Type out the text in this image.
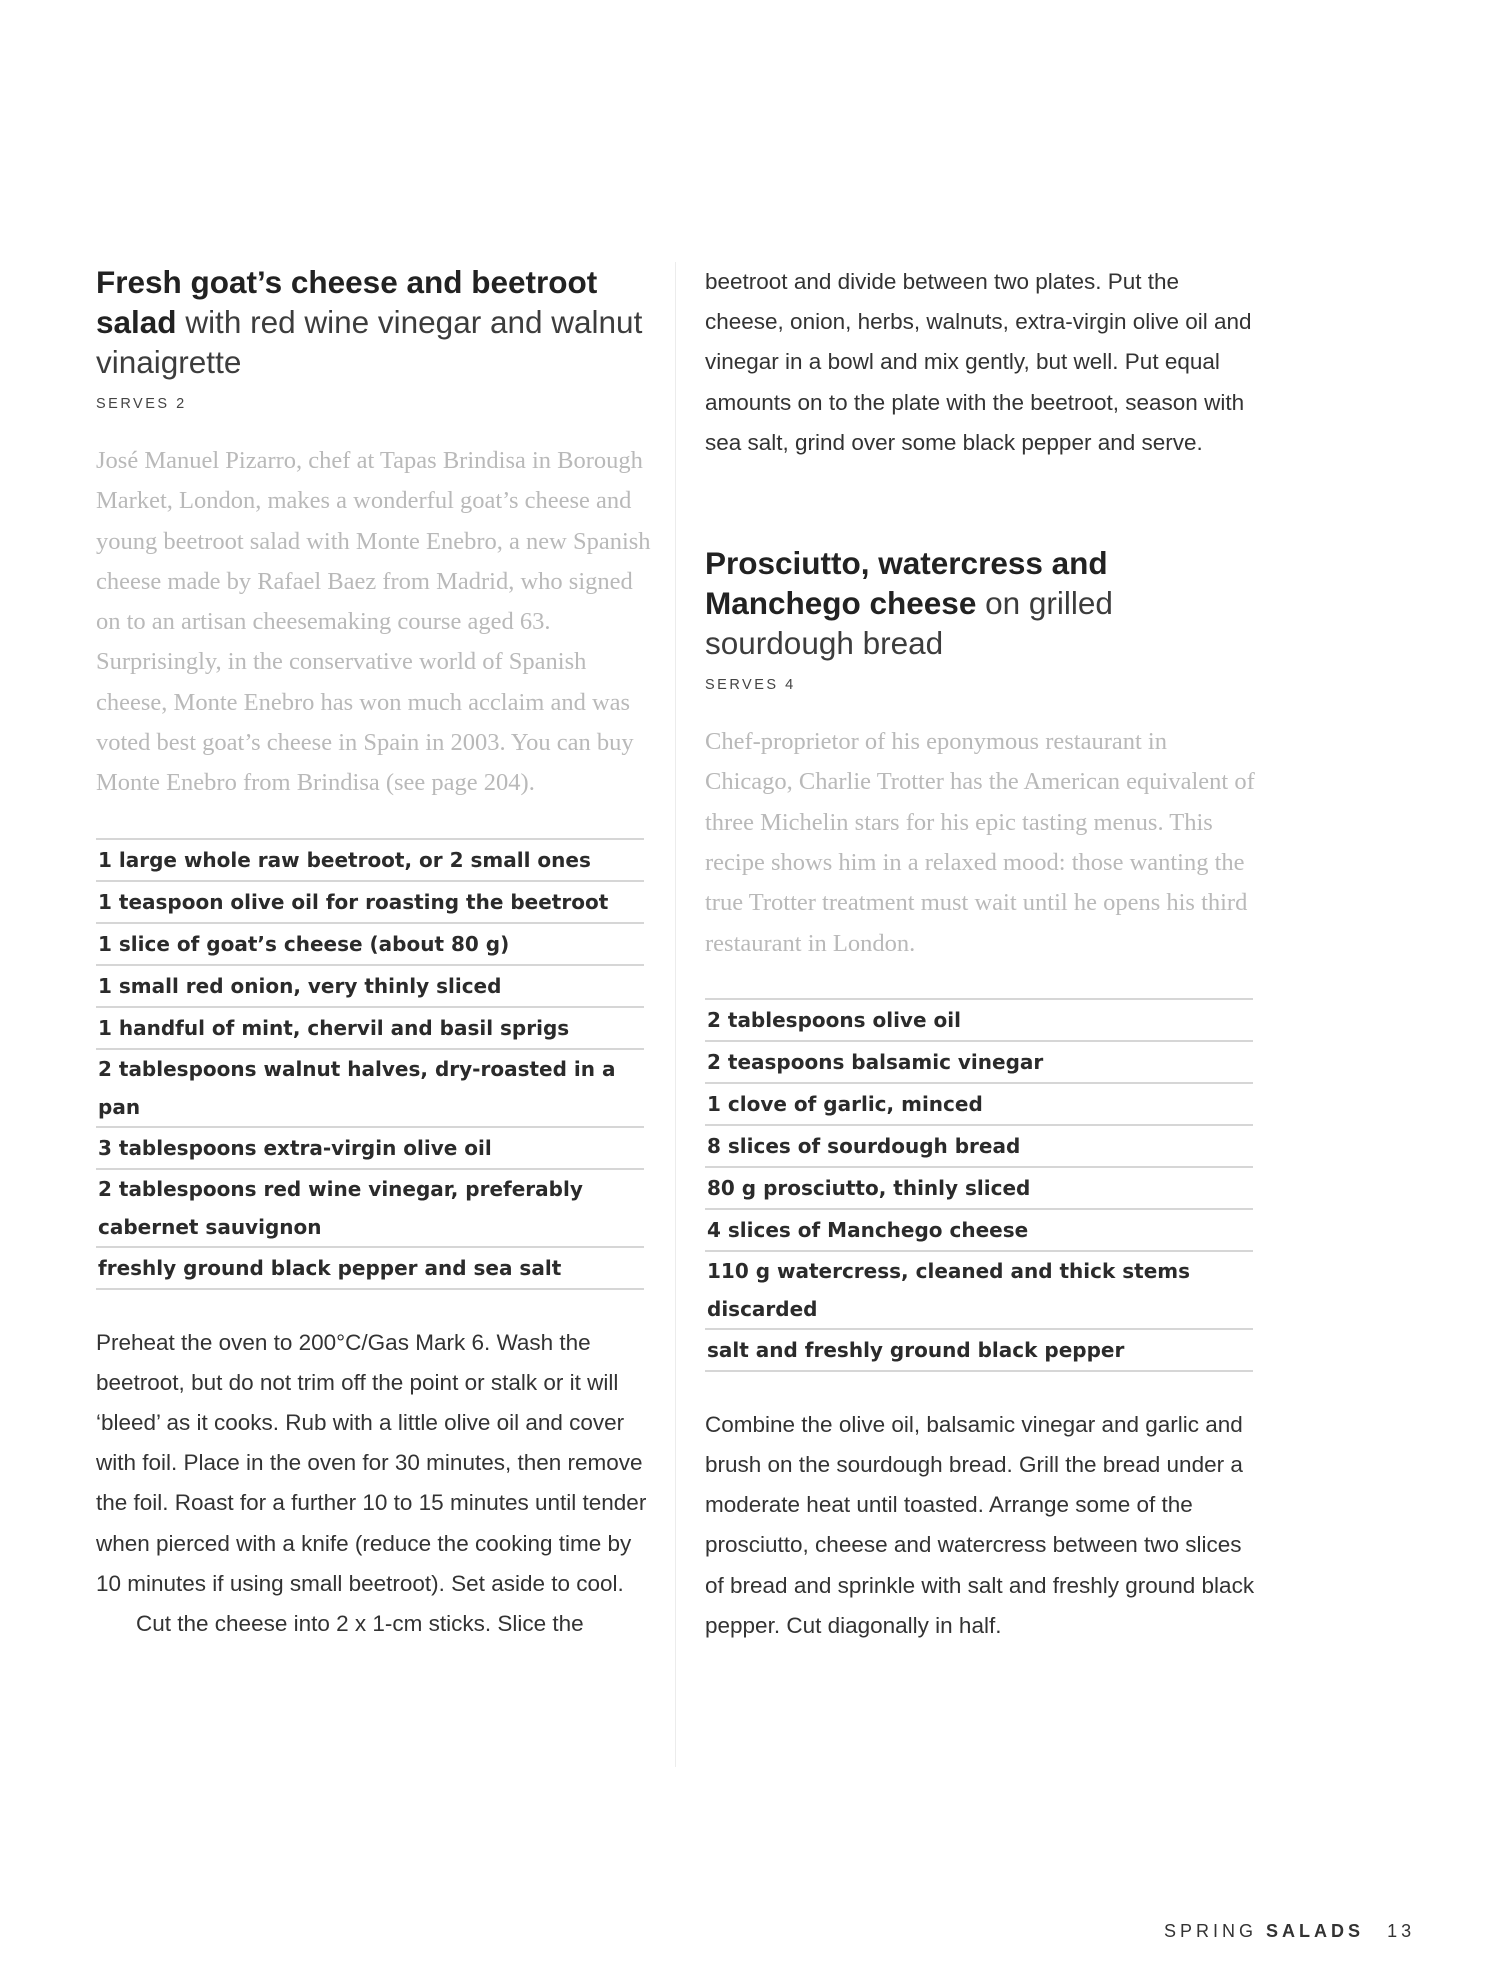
Fresh goat’s cheese and beetroot salad with red wine vinegar and walnut vinaigrette
SERVES 2

José Manuel Pizarro, chef at Tapas Brindisa in Borough Market, London, makes a wonderful goat’s cheese and young beetroot salad with Monte Enebro, a new Spanish cheese made by Rafael Baez from Madrid, who signed on to an artisan cheesemaking course aged 63. Surprisingly, in the conservative world of Spanish cheese, Monte Enebro has won much acclaim and was voted best goat’s cheese in Spain in 2003. You can buy Monte Enebro from Brindisa (see page 204).

1 large whole raw beetroot, or 2 small ones
1 teaspoon olive oil for roasting the beetroot
1 slice of goat’s cheese (about 80 g)
1 small red onion, very thinly sliced
1 handful of mint, chervil and basil sprigs
2 tablespoons walnut halves, dry-roasted in a pan
3 tablespoons extra-virgin olive oil
2 tablespoons red wine vinegar, preferably cabernet sauvignon
freshly ground black pepper and sea salt

Preheat the oven to 200°C/Gas Mark 6. Wash the beetroot, but do not trim off the point or stalk or it will ‘bleed’ as it cooks. Rub with a little olive oil and cover with foil. Place in the oven for 30 minutes, then remove the foil. Roast for a further 10 to 15 minutes until tender when pierced with a knife (reduce the cooking time by 10 minutes if using small beetroot). Set aside to cool.

Cut the cheese into 2 x 1-cm sticks. Slice the

beetroot and divide between two plates. Put the cheese, onion, herbs, walnuts, extra-virgin olive oil and vinegar in a bowl and mix gently, but well. Put equal amounts on to the plate with the beetroot, season with sea salt, grind over some black pepper and serve.

Prosciutto, watercress and Manchego cheese on grilled sourdough bread
SERVES 4

Chef-proprietor of his eponymous restaurant in Chicago, Charlie Trotter has the American equivalent of three Michelin stars for his epic tasting menus. This recipe shows him in a relaxed mood: those wanting the true Trotter treatment must wait until he opens his third restaurant in London.

2 tablespoons olive oil
2 teaspoons balsamic vinegar
1 clove of garlic, minced
8 slices of sourdough bread
80 g prosciutto, thinly sliced
4 slices of Manchego cheese
110 g watercress, cleaned and thick stems discarded
salt and freshly ground black pepper

Combine the olive oil, balsamic vinegar and garlic and brush on the sourdough bread. Grill the bread under a moderate heat until toasted. Arrange some of the prosciutto, cheese and watercress between two slices of bread and sprinkle with salt and freshly ground black pepper. Cut diagonally in half.

SPRING SALADS 13
